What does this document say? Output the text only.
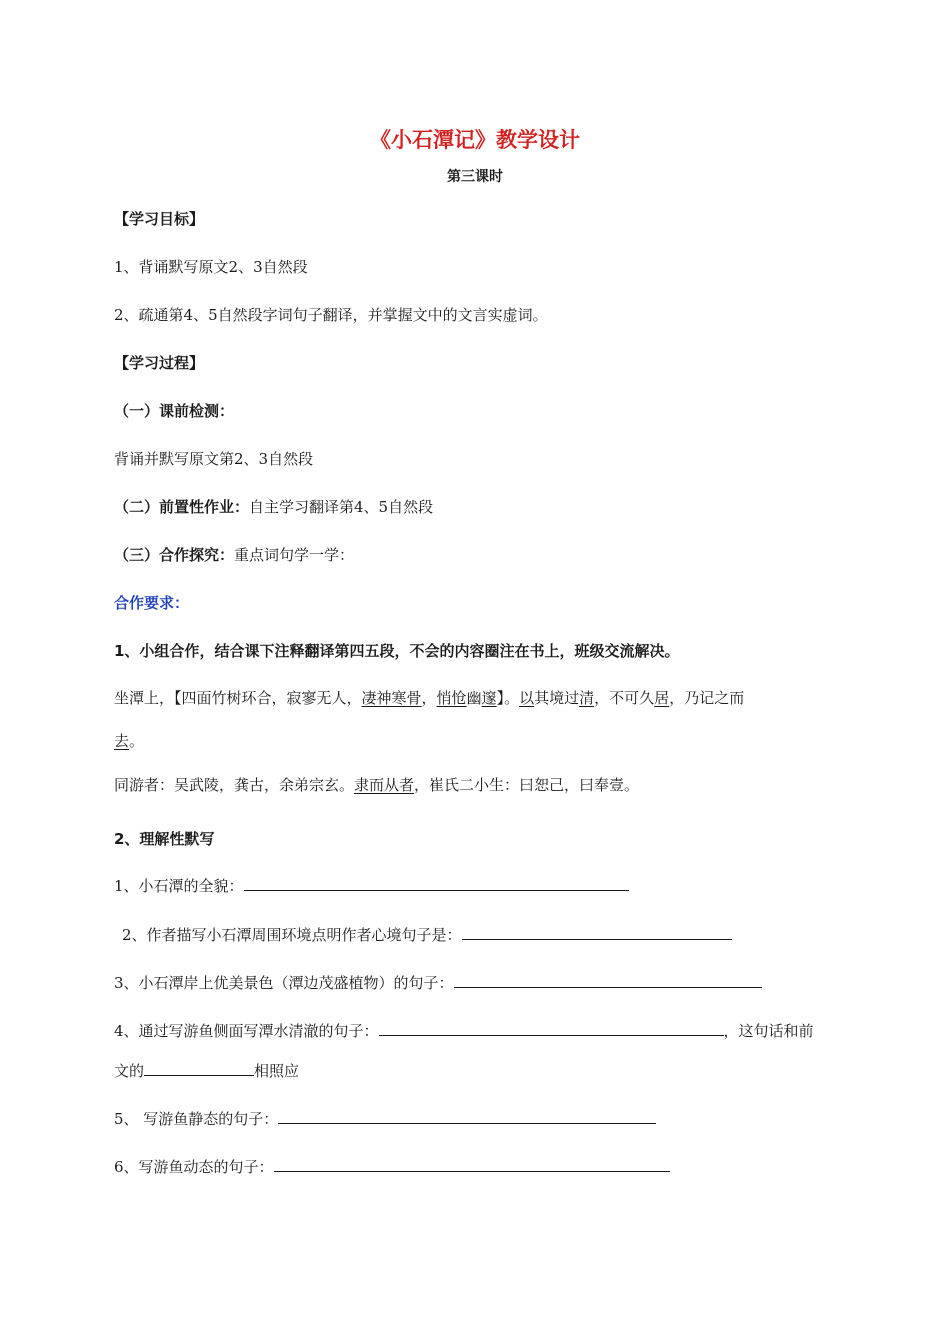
《小石潭记》教学设计
第三课时
【学习目标】
1、背诵默写原文2、3自然段
2、疏通第4、5自然段字词句子翻译，并掌握文中的文言实虚词。
【学习过程】
（一）课前检测：
背诵并默写原文第2、3自然段
（二）前置性作业：自主学习翻译第4、5自然段
（三）合作探究：重点词句学一学：
合作要求：
1、小组合作，结合课下注释翻译第四五段，不会的内容圈注在书上，班级交流解决。
坐潭上，【四面竹树环合，寂寥无人，凄神寒骨，悄怆幽邃】。以其境过清，不可久居，乃记之而
去。
同游者：吴武陵，龚古，余弟宗玄。隶而从者，崔氏二小生：曰恕己，曰奉壹。
2、理解性默写
1、小石潭的全貌：
2、作者描写小石潭周围环境点明作者心境句子是：
3、小石潭岸上优美景色（潭边茂盛植物）的句子：
4、通过写游鱼侧面写潭水清澈的句子：	，这句话和前
文的	相照应
5、 写游鱼静态的句子：
6、写游鱼动态的句子：
